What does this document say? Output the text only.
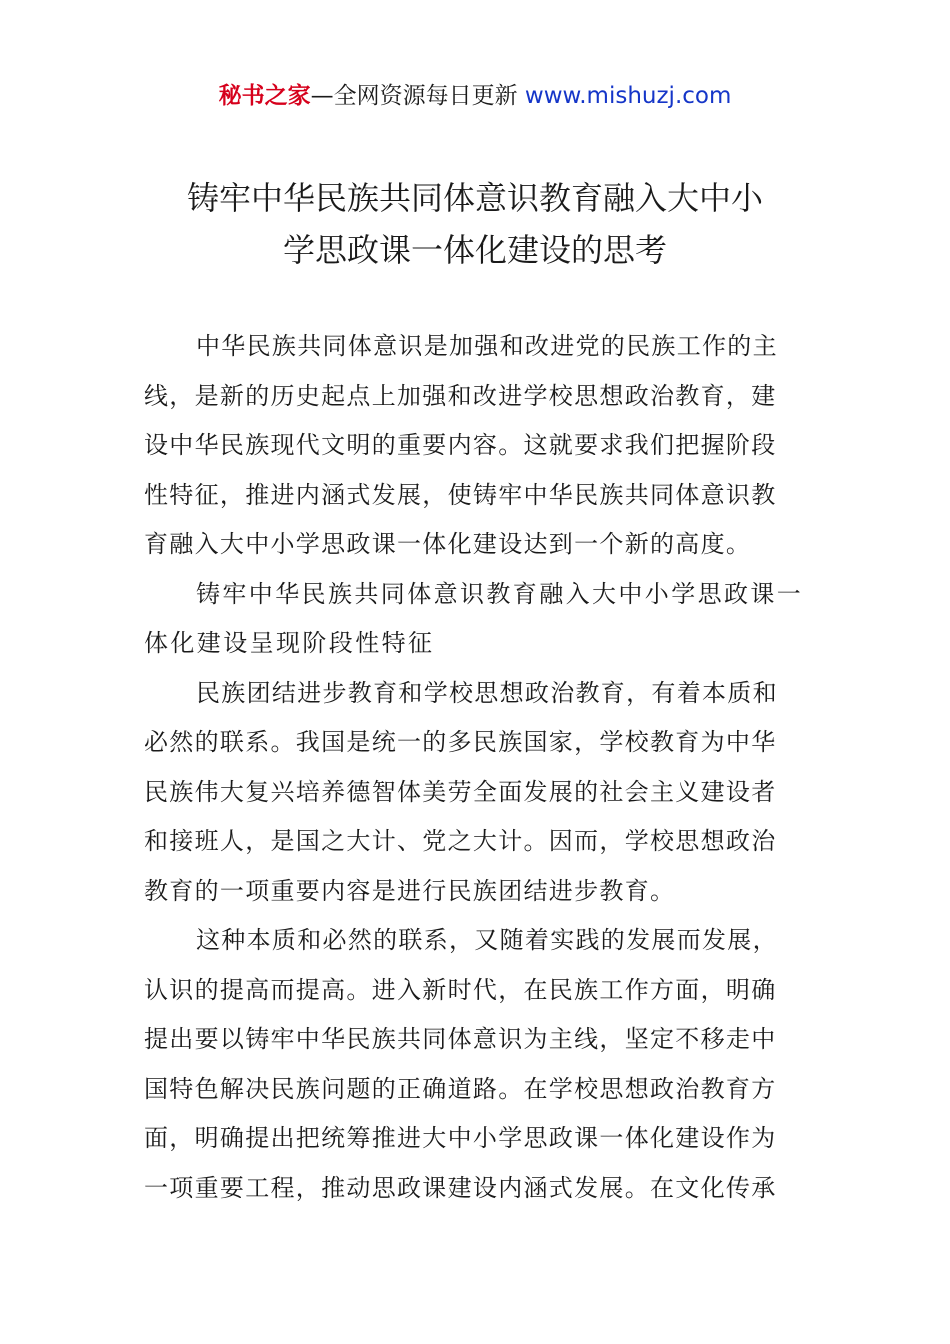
秘书之家—全网资源每日更新 www.mishuzj.com
铸牢中华民族共同体意识教育融入大中小
学思政课一体化建设的思考

中华民族共同体意识是加强和改进党的民族工作的主
线，是新的历史起点上加强和改进学校思想政治教育，建
设中华民族现代文明的重要内容。这就要求我们把握阶段
性特征，推进内涵式发展，使铸牢中华民族共同体意识教
育融入大中小学思政课一体化建设达到一个新的高度。

铸牢中华民族共同体意识教育融入大中小学思政课一
体化建设呈现阶段性特征

民族团结进步教育和学校思想政治教育，有着本质和
必然的联系。我国是统一的多民族国家，学校教育为中华
民族伟大复兴培养德智体美劳全面发展的社会主义建设者
和接班人，是国之大计、党之大计。因而，学校思想政治
教育的一项重要内容是进行民族团结进步教育。

这种本质和必然的联系，又随着实践的发展而发展，
认识的提高而提高。进入新时代，在民族工作方面，明确
提出要以铸牢中华民族共同体意识为主线，坚定不移走中
国特色解决民族问题的正确道路。在学校思想政治教育方
面，明确提出把统筹推进大中小学思政课一体化建设作为
一项重要工程，推动思政课建设内涵式发展。在文化传承
